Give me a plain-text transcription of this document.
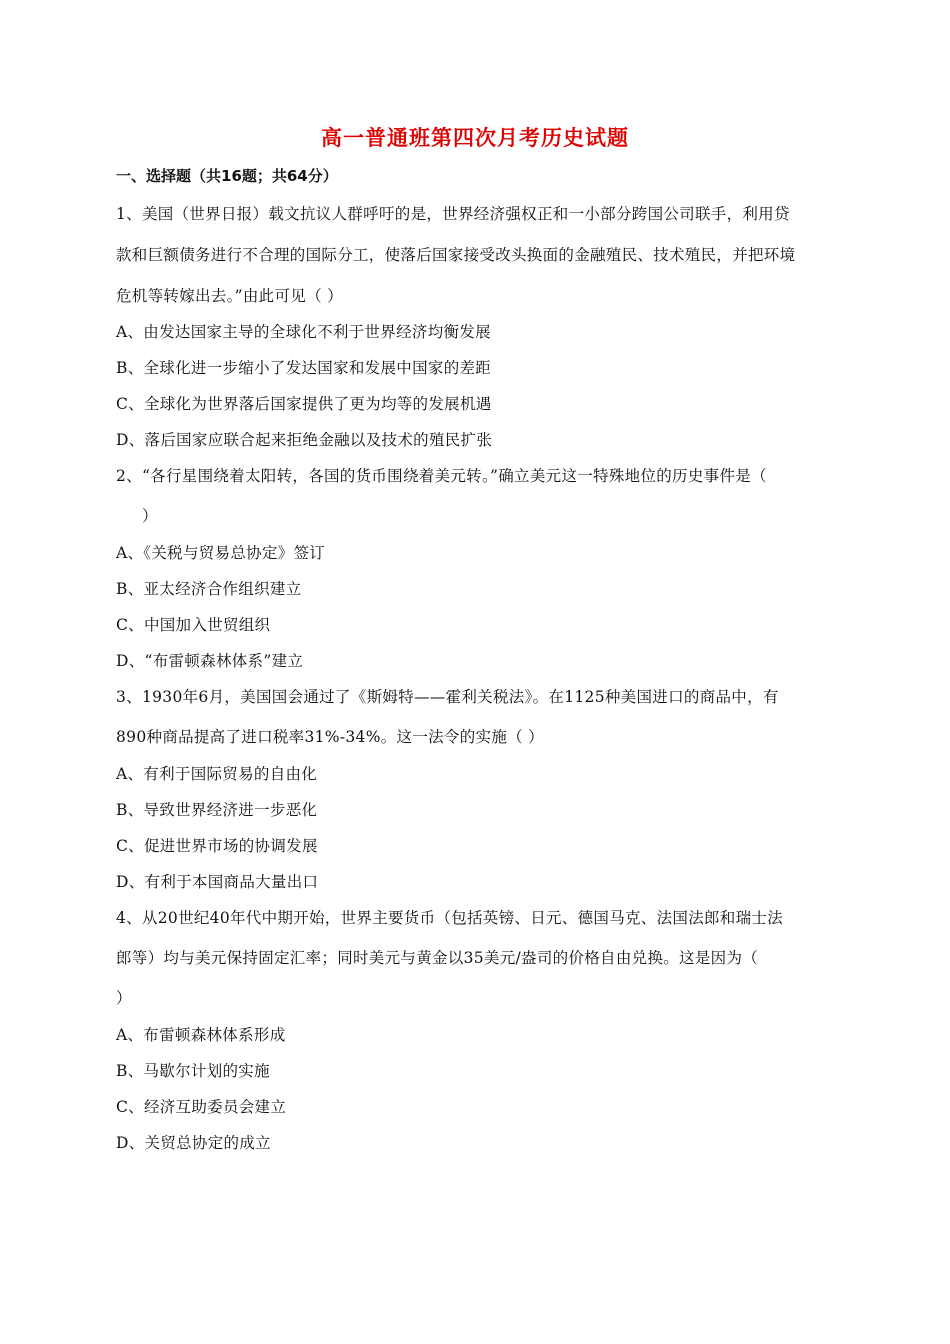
高一普通班第四次月考历史试题
一、选择题（共16题；共64分）
1、美国（世界日报）载文抗议人群呼吁的是，世界经济强权正和一小部分跨国公司联手，利用贷
款和巨额债务进行不合理的国际分工，使落后国家接受改头换面的金融殖民、技术殖民，并把环境
危机等转嫁出去。”由此可见（ ）
A、由发达国家主导的全球化不利于世界经济均衡发展
B、全球化进一步缩小了发达国家和发展中国家的差距
C、全球化为世界落后国家提供了更为均等的发展机遇
D、落后国家应联合起来拒绝金融以及技术的殖民扩张
2、“各行星围绕着太阳转，各国的货币围绕着美元转。”确立美元这一特殊地位的历史事件是（
）
A、《关税与贸易总协定》签订
B、亚太经济合作组织建立
C、中国加入世贸组织
D、“布雷顿森林体系”建立
3、1930年6月，美国国会通过了《斯姆特——霍利关税法》。在1125种美国进口的商品中，有
890种商品提高了进口税率31%-34%。这一法令的实施（ ）
A、有利于国际贸易的自由化
B、导致世界经济进一步恶化
C、促进世界市场的协调发展
D、有利于本国商品大量出口
4、从20世纪40年代中期开始，世界主要货币（包括英镑、日元、德国马克、法国法郎和瑞士法
郎等）均与美元保持固定汇率；同时美元与黄金以35美元/盎司的价格自由兑换。这是因为（
）
A、布雷顿森林体系形成
B、马歇尔计划的实施
C、经济互助委员会建立
D、关贸总协定的成立
